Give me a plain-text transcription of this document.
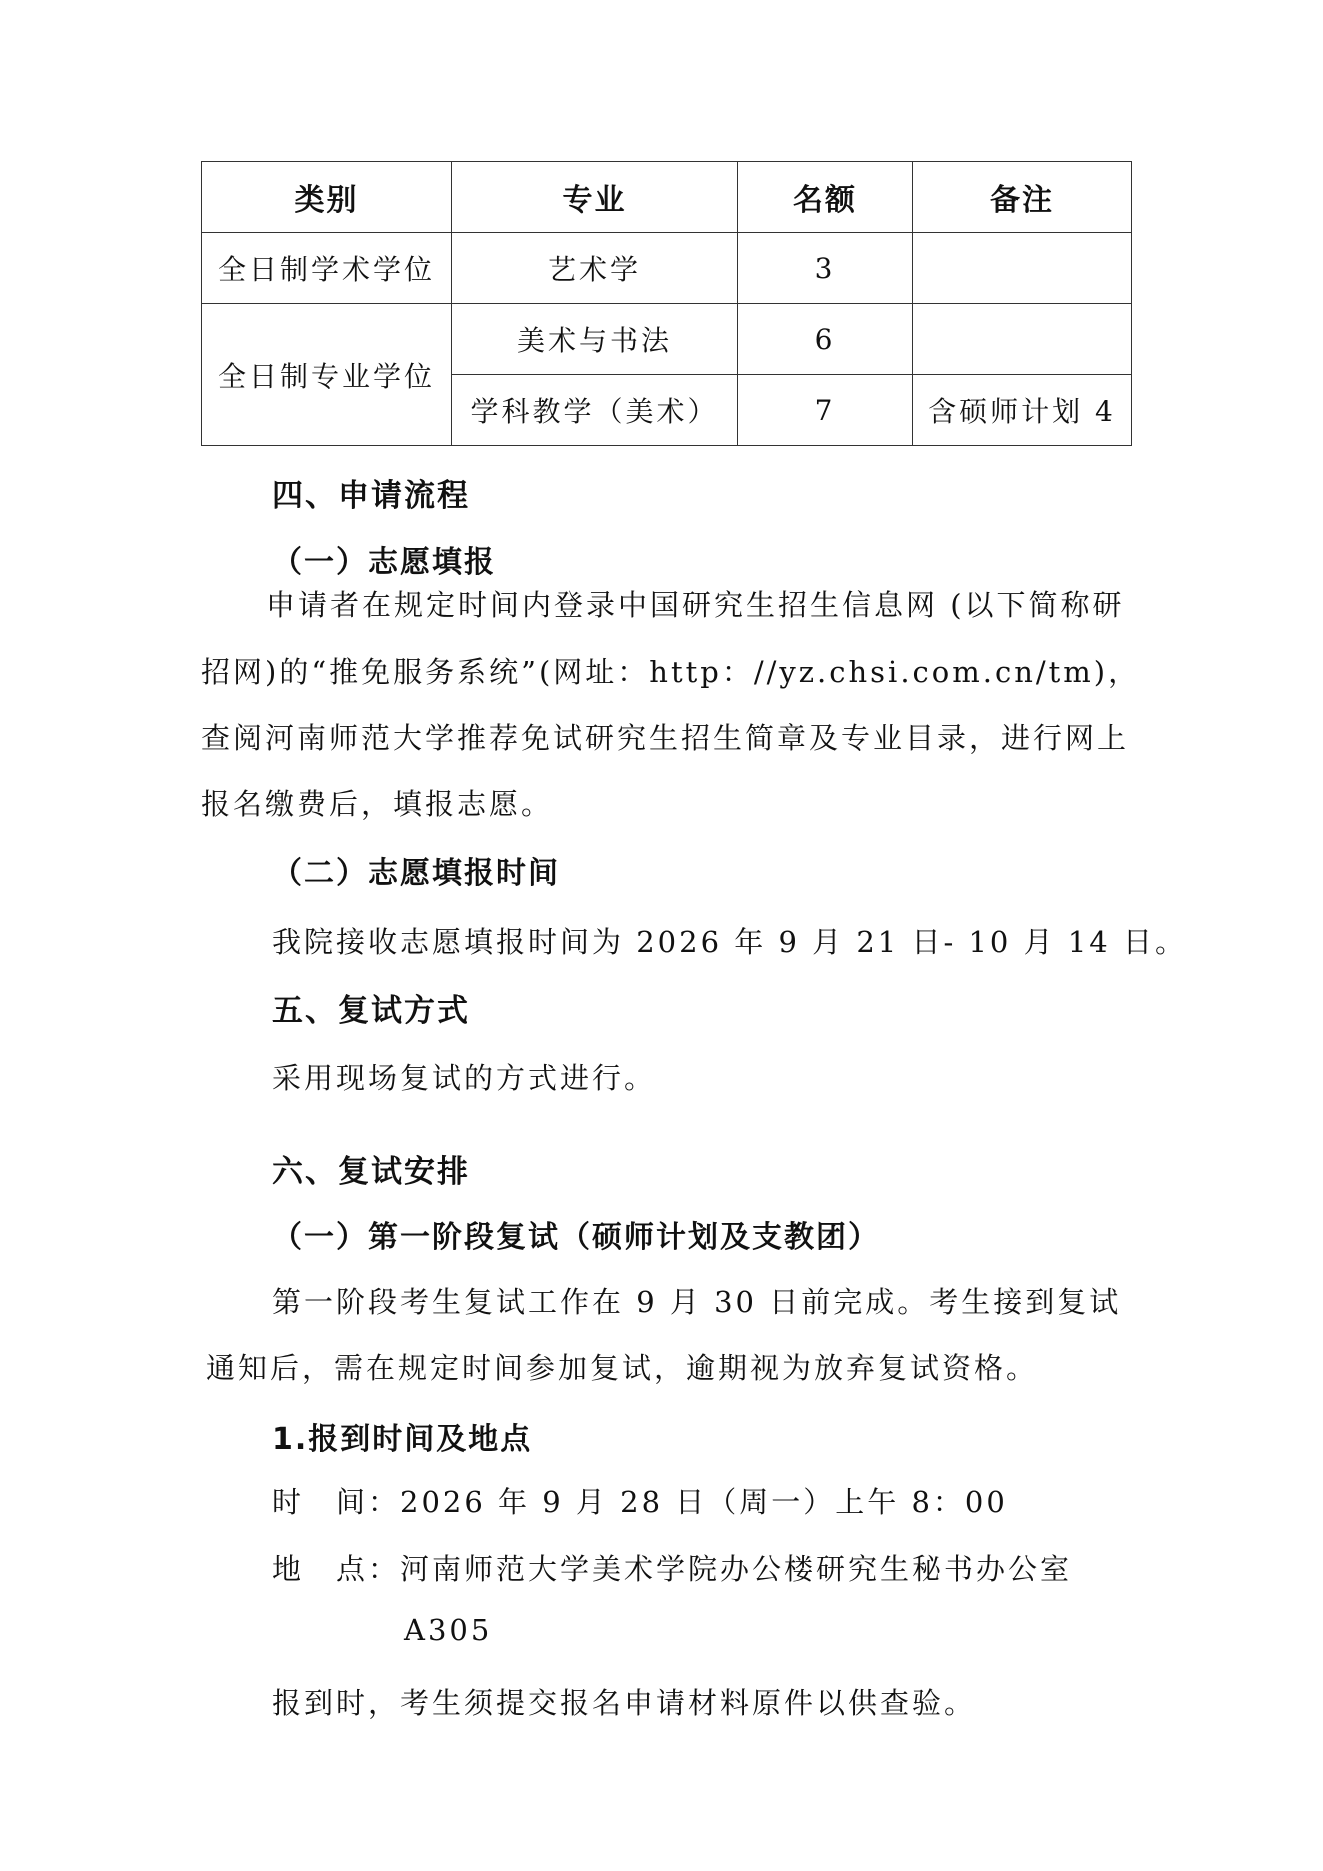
类别	专业	名额	备注
全日制学术学位	艺术学	3	
全日制专业学位	美术与书法	6	
	学科教学（美术）	7	含硕师计划 4
四、申请流程
（一）志愿填报
申请者在规定时间内登录中国研究生招生信息网 (以下简称研
招网)的“推免服务系统”(网址：http：//yz.chsi.com.cn/tm)，
查阅河南师范大学推荐免试研究生招生简章及专业目录，进行网上
报名缴费后，填报志愿。
（二）志愿填报时间
我院接收志愿填报时间为 2026 年 9 月 21 日- 10 月 14 日。
五、复试方式
采用现场复试的方式进行。
六、复试安排
（一）第一阶段复试（硕师计划及支教团）
第一阶段考生复试工作在 9 月 30 日前完成。考生接到复试
通知后，需在规定时间参加复试，逾期视为放弃复试资格。
1.报到时间及地点
时　间：2026 年 9 月 28 日（周一）上午 8：00
地　点：河南师范大学美术学院办公楼研究生秘书办公室
A305
报到时，考生须提交报名申请材料原件以供查验。
